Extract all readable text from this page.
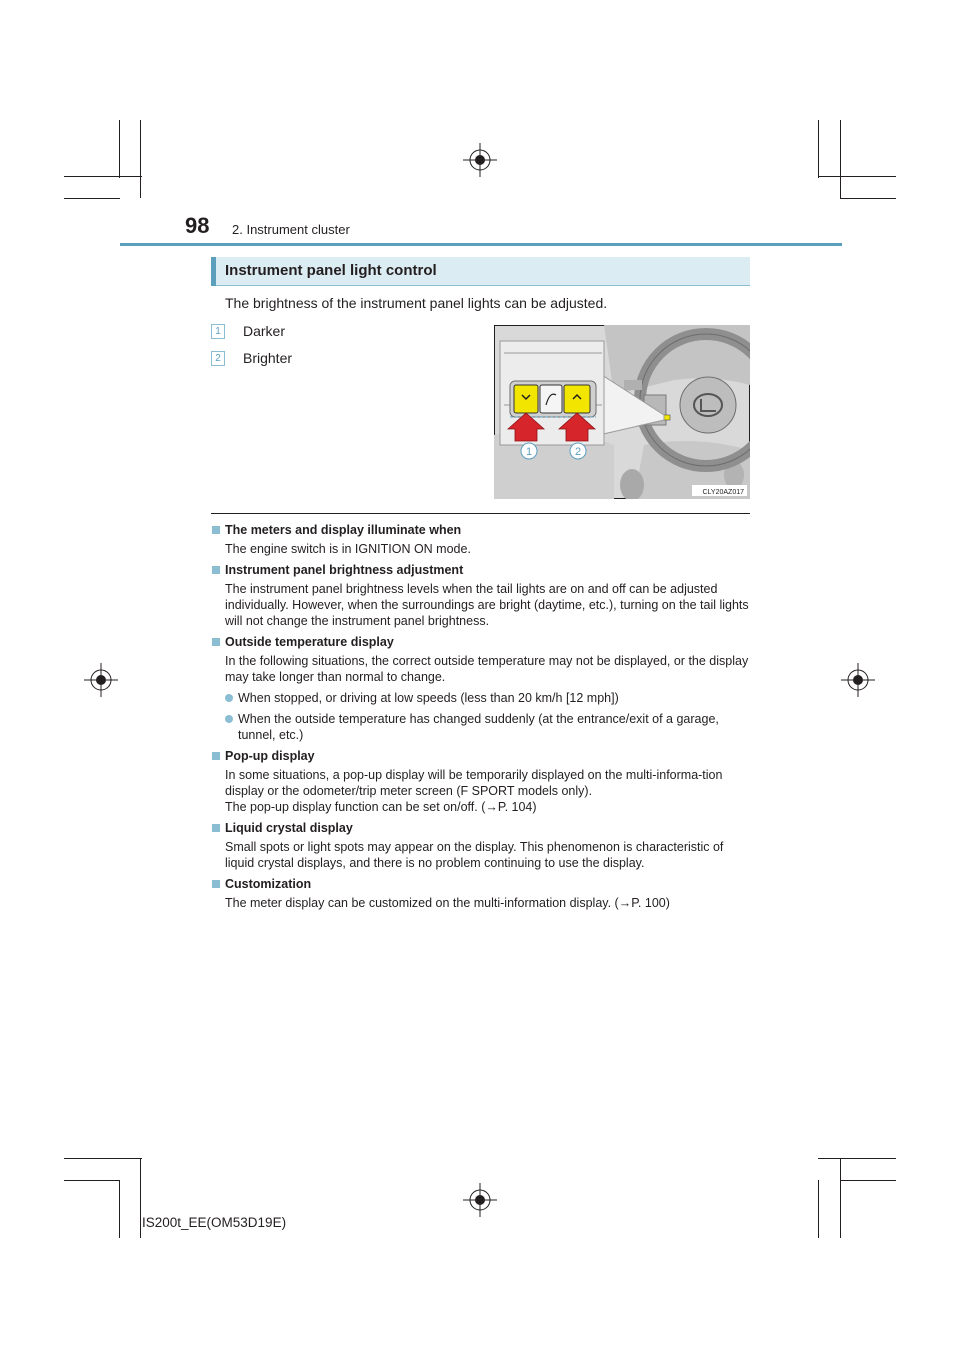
98 2. Instrument cluster
Instrument panel light control
The brightness of the instrument panel lights can be adjusted.
1	Darker
2	Brighter
1	2
CLY20AZ017
The meters and display illuminate when
The engine switch is in IGNITION ON mode.
Instrument panel brightness adjustment
The instrument panel brightness levels when the tail lights are on and off can be adjusted individually. However, when the surroundings are bright (daytime, etc.), turning on the tail lights will not change the instrument panel brightness.
Outside temperature display
In the following situations, the correct outside temperature may not be displayed, or the display may take longer than normal to change.
When stopped, or driving at low speeds (less than 20 km/h [12 mph])
When the outside temperature has changed suddenly (at the entrance/exit of a garage, tunnel, etc.)
Pop-up display
In some situations, a pop-up display will be temporarily displayed on the multi-informa-tion display or the odometer/trip meter screen (F SPORT models only).
The pop-up display function can be set on/off. (→P. 104)
Liquid crystal display
Small spots or light spots may appear on the display. This phenomenon is characteristic of liquid crystal displays, and there is no problem continuing to use the display.
Customization
The meter display can be customized on the multi-information display. (→P. 100)
IS200t_EE(OM53D19E)
